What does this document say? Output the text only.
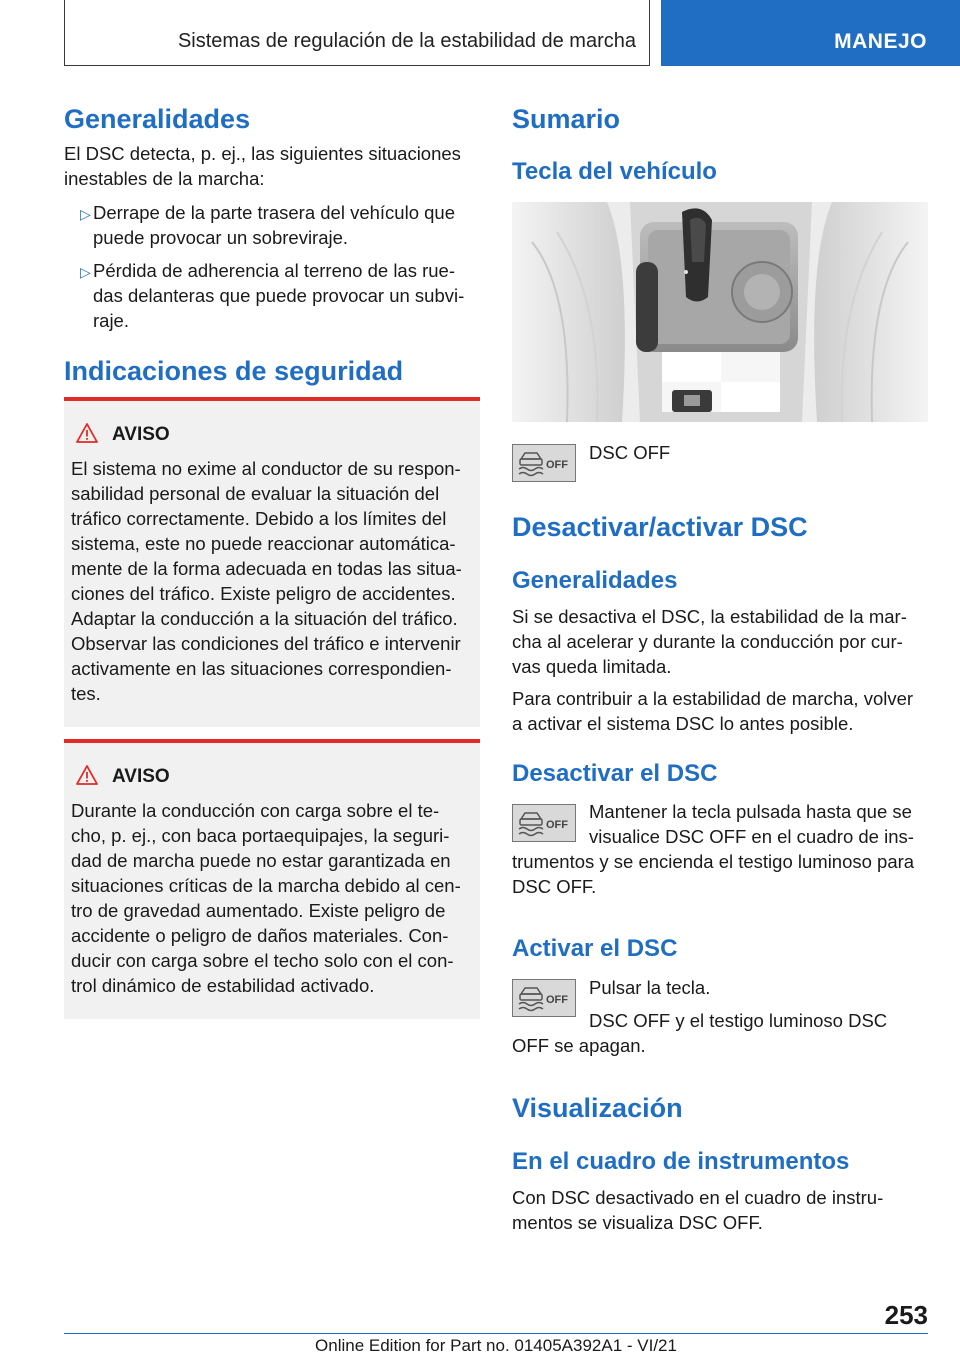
Sistemas de regulación de la estabilidad de marcha	MANEJO
Generalidades
El DSC detecta, p. ej., las siguientes situaciones
inestables de la marcha:
▷ Derrape de la parte trasera del vehículo que
puede provocar un sobreviraje.
▷ Pérdida de adherencia al terreno de las rue-
das delanteras que puede provocar un subvi-
raje.
Indicaciones de seguridad
AVISO
El sistema no exime al conductor de su respon-
sabilidad personal de evaluar la situación del
tráfico correctamente. Debido a los límites del
sistema, este no puede reaccionar automática-
mente de la forma adecuada en todas las situa-
ciones del tráfico. Existe peligro de accidentes.
Adaptar la conducción a la situación del tráfico.
Observar las condiciones del tráfico e intervenir
activamente en las situaciones correspondien-
tes.
AVISO
Durante la conducción con carga sobre el te-
cho, p. ej., con baca portaequipajes, la seguri-
dad de marcha puede no estar garantizada en
situaciones críticas de la marcha debido al cen-
tro de gravedad aumentado. Existe peligro de
accidente o peligro de daños materiales. Con-
ducir con carga sobre el techo solo con el con-
trol dinámico de estabilidad activado.
Sumario
Tecla del vehículo
OFF
DSC OFF
Desactivar/activar DSC
Generalidades
Si se desactiva el DSC, la estabilidad de la mar-
cha al acelerar y durante la conducción por cur-
vas queda limitada.
Para contribuir a la estabilidad de marcha, volver
a activar el sistema DSC lo antes posible.
Desactivar el DSC
OFF
Mantener la tecla pulsada hasta que se
visualice DSC OFF en el cuadro de ins-
trumentos y se encienda el testigo luminoso para
DSC OFF.
Activar el DSC
OFF
Pulsar la tecla.
DSC OFF y el testigo luminoso DSC
OFF se apagan.
Visualización
En el cuadro de instrumentos
Con DSC desactivado en el cuadro de instru-
mentos se visualiza DSC OFF.
253
Online Edition for Part no. 01405A392A1 - VI/21
